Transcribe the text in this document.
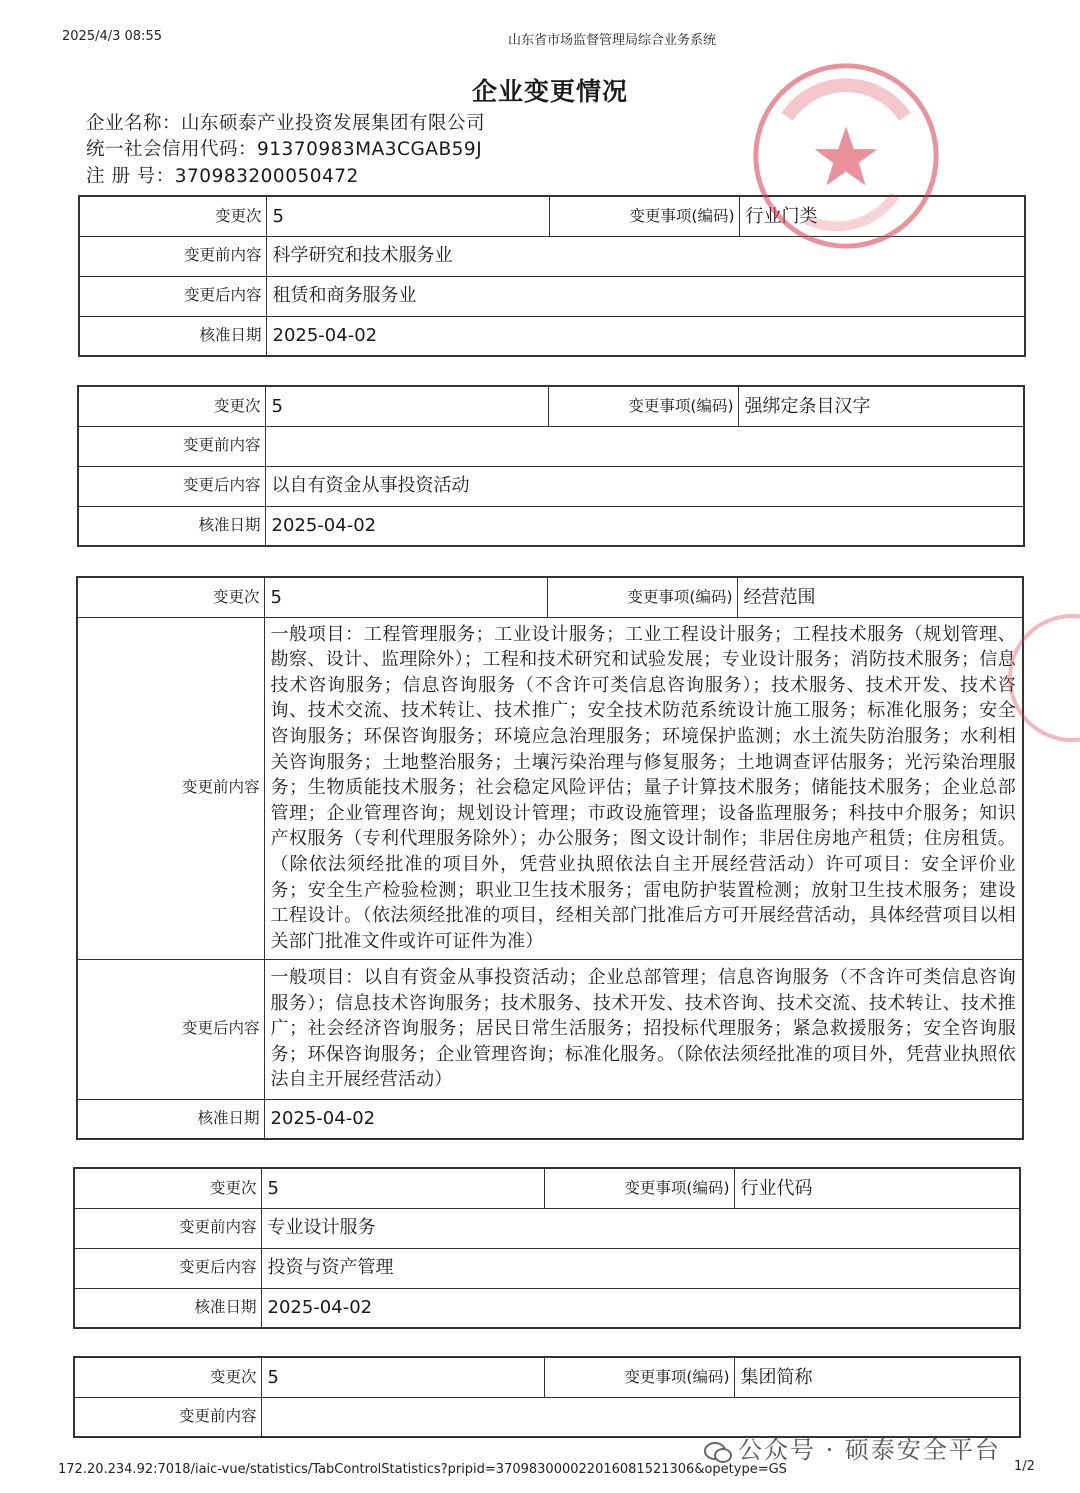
2025/4/3 08:55	山东省市场监督管理局综合业务系统
企业变更情况
企业名称：山东硕泰产业投资发展集团有限公司
统一社会信用代码：91370983MA3CGAB59J
注 册 号：370983200050472
变更次	5	变更事项(编码)	行业门类
变更前内容	科学研究和技术服务业		
变更后内容	租赁和商务服务业		
核准日期	2025-04-02		
变更次	5	变更事项(编码)	强绑定条目汉字
变更前内容			
变更后内容	以自有资金从事投资活动		
核准日期	2025-04-02		
变更次	5	变更事项(编码)	经营范围
变更前内容	一般项目：工程管理服务；工业设计服务；工业工程设计服务；工程技术服务（规划管理、勘察、设计、监理除外）；工程和技术研究和试验发展；专业设计服务；消防技术服务；信息技术咨询服务；信息咨询服务（不含许可类信息咨询服务）；技术服务、技术开发、技术咨询、技术交流、技术转让、技术推广；安全技术防范系统设计施工服务；标准化服务；安全咨询服务；环保咨询服务；环境应急治理服务；环境保护监测；水土流失防治服务；水利相关咨询服务；土地整治服务；土壤污染治理与修复服务；土地调查评估服务；光污染治理服务；生物质能技术服务；社会稳定风险评估；量子计算技术服务；储能技术服务；企业总部管理；企业管理咨询；规划设计管理；市政设施管理；设备监理服务；科技中介服务；知识产权服务（专利代理服务除外）；办公服务；图文设计制作；非居住房地产租赁；住房租赁。（除依法须经批准的项目外，凭营业执照依法自主开展经营活动）许可项目：安全评价业务；安全生产检验检测；职业卫生技术服务；雷电防护装置检测；放射卫生技术服务；建设工程设计。（依法须经批准的项目，经相关部门批准后方可开展经营活动，具体经营项目以相关部门批准文件或许可证件为准）		
变更后内容	一般项目：以自有资金从事投资活动；企业总部管理；信息咨询服务（不含许可类信息咨询服务）；信息技术咨询服务；技术服务、技术开发、技术咨询、技术交流、技术转让、技术推广；社会经济咨询服务；居民日常生活服务；招投标代理服务；紧急救援服务；安全咨询服务；环保咨询服务；企业管理咨询；标准化服务。（除依法须经批准的项目外，凭营业执照依法自主开展经营活动）		
核准日期	2025-04-02		
变更次	5	变更事项(编码)	行业代码
变更前内容	专业设计服务		
变更后内容	投资与资产管理		
核准日期	2025-04-02		
变更次	5	变更事项(编码)	集团简称
变更前内容			
公众号 · 硕泰安全平台
172.20.234.92:7018/iaic-vue/statistics/TabControlStatistics?pripid=370983000022016081521306&opetype=GS	1/2
